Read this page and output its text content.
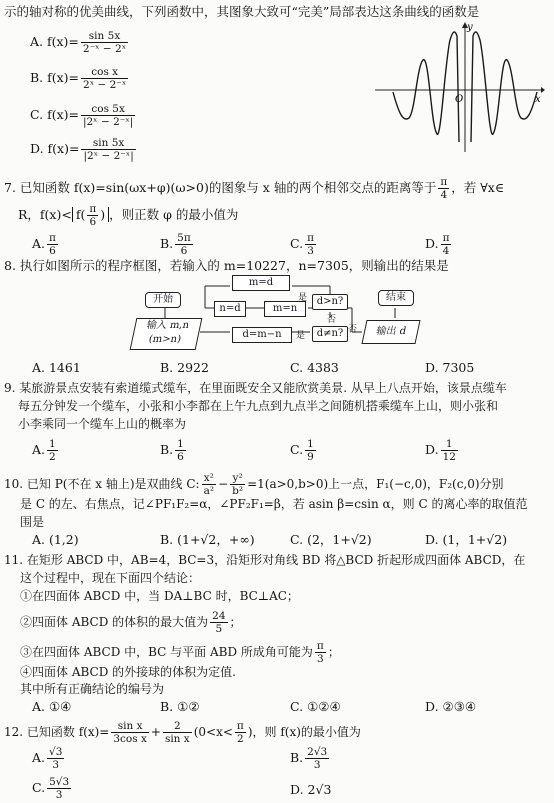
示的轴对称的优美曲线，下列函数中，其图象大致可“完美”局部表达这条曲线的函数是
A. $f(x)= \frac{\sin 5x}{\text{2⁻ˣ − 2ˣ}}$
B. $f(x)= \frac{\text{cos x}}{\text{2ˣ − 2⁻ˣ}}$
C. $f(x)= \frac{\cos 5x}{\text{|2ˣ − 2⁻ˣ|}}$
D. $f(x)= \frac{\sin 5x}{\text{|2ˣ − 2⁻ˣ|}}$
y
O	x
7. 已知函数 f(x)=sin(ωx+φ)(ω>0)的图象与 x 轴的两个相邻交点的距离等于 $\frac{\pi}{4}$ ，若 ∀x∈
R，$f(x)< f( \frac{\pi}{6}$ ) ，则正数 φ 的最小值为
A. $\frac{\pi}{6}$	B. $\frac{5\pi}{6}$	C. $\frac{\pi}{3}$	D. $\frac{\pi}{4}$
8. 执行如图所示的程序框图，若输入的 m=10227，n=7305，则输出的结果是
开始
输入 m,n
(m>n)
m=d
n=d	m=n
d=m−n
d>n?
d≠n?
结束
输出 d
是
否
否
是
A. 1461	B. 2922	C. 4383	D. 7305
9. 某旅游景点安装有索道缆式缆车，在里面既安全又能欣赏美景. 从早上八点开始，该景点缆车
每五分钟发一个缆车，小张和小李都在上午九点到九点半之间随机搭乘缆车上山，则小张和
小李乘同一个缆车上山的概率为
A. $\frac{1}{2}$	B. $\frac{1}{6}$	C. $\frac{1}{9}$	D. $\frac{1}{12}$
10. 已知 P(不在 x 轴上)是双曲线 C: $\frac{\text{x²}}{\text{a²}} - \frac{\text{y²}}{\text{b²}} =1(a>0,b>0)$上一点，F₁(−c,0)，F₂(c,0)分别
是 C 的左、右焦点，记∠PF₁F₂=α，∠PF₂F₁=β，若 asin β=csin α，则 C 的离心率的取值范
围是
A. (1,2)	B. (1+√2，+∞)	C. (2，1+√2)	D. (1，1+√2)
11. 在矩形 ABCD 中，AB=4，BC=3，沿矩形对角线 BD 将△BCD 折起形成四面体 ABCD，在
这个过程中，现在下面四个结论：
①在四面体 ABCD 中，当 DA⊥BC 时，BC⊥AC；
②四面体 ABCD 的体积的最大值为 $\frac{24}{5}$ ；
③在四面体 ABCD 中，BC 与平面 ABD 所成角可能为 $\frac{\pi}{3}$ ；
④四面体 ABCD 的外接球的体积为定值.
其中所有正确结论的编号为
A. ①④	B. ①②	C. ①②④	D. ②③④
12. 已知函数 $f(x)= \frac{\text{sin x}}{\text{3cos x}} + \frac{2}{\text{sin x}} (0<x< \frac{\pi}{2}$ )，则 f(x)的最小值为
A. $\frac{√3}{3}$	B. $\frac{2√3}{3}$
C. $\frac{5√3}{3}$	D. 2√3
